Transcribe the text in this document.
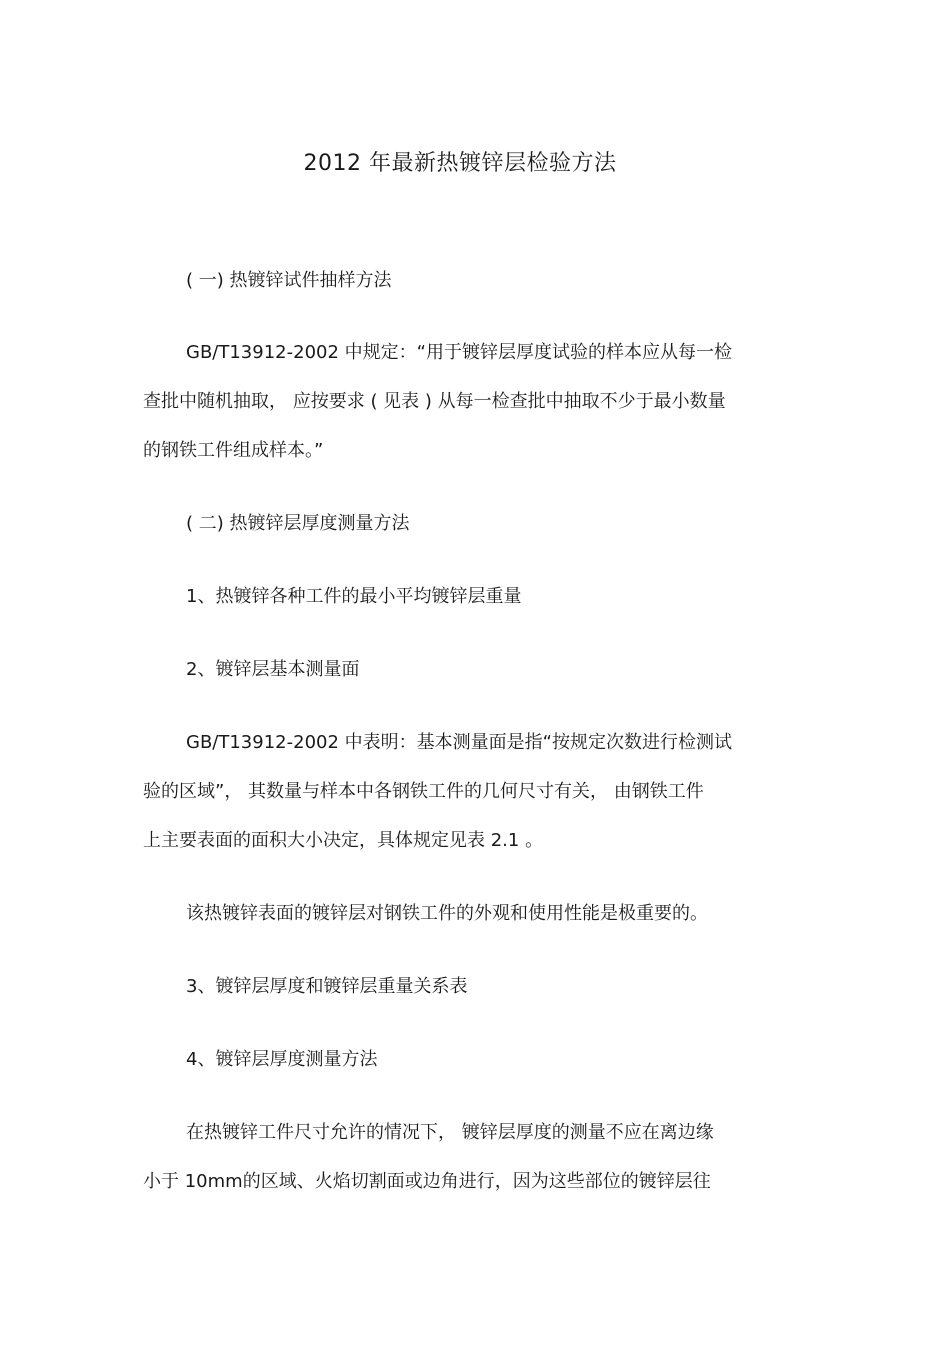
2012 年最新热镀锌层检验方法
( 一) 热镀锌试件抽样方法
GB/T13912-2002 中规定：“用于镀锌层厚度试验的样本应从每一检
查批中随机抽取， 应按要求 ( 见表 ) 从每一检查批中抽取不少于最小数量
的钢铁工件组成样本。”
( 二) 热镀锌层厚度测量方法
1、热镀锌各种工件的最小平均镀锌层重量
2、镀锌层基本测量面
GB/T13912-2002 中表明：基本测量面是指“按规定次数进行检测试
验的区域”， 其数量与样本中各钢铁工件的几何尺寸有关， 由钢铁工件
上主要表面的面积大小决定，具体规定见表 2.1 。
该热镀锌表面的镀锌层对钢铁工件的外观和使用性能是极重要的。
3、镀锌层厚度和镀锌层重量关系表
4、镀锌层厚度测量方法
在热镀锌工件尺寸允许的情况下， 镀锌层厚度的测量不应在离边缘
小于 10mm的区域、火焰切割面或边角进行，因为这些部位的镀锌层往
